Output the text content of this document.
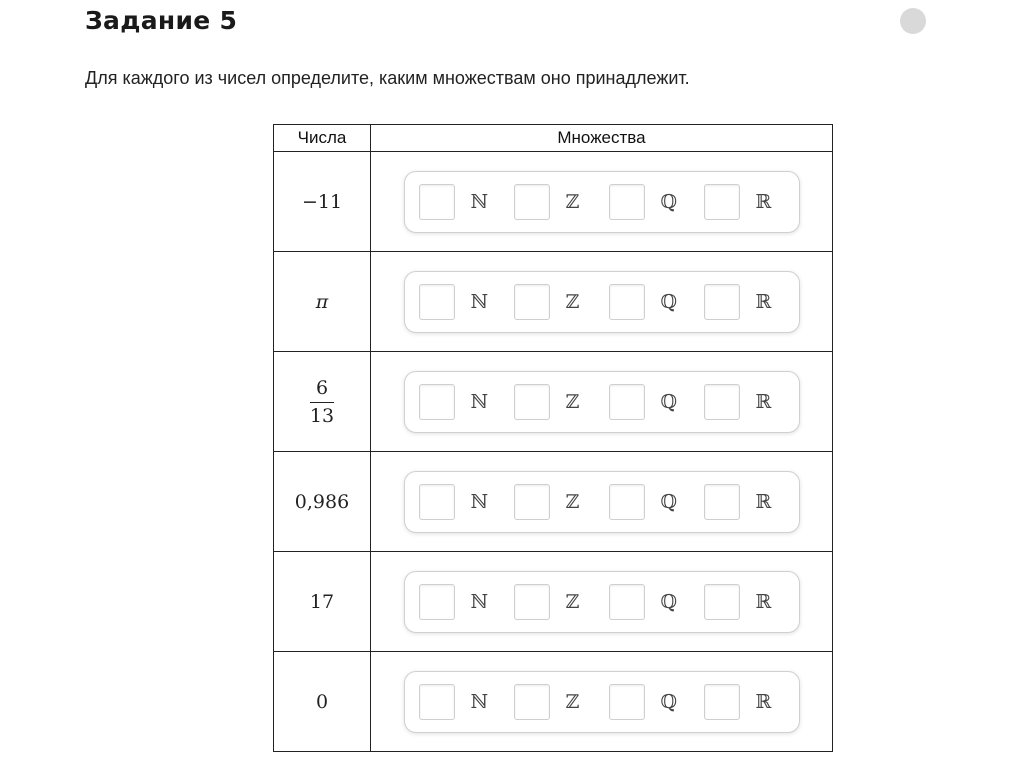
Задание 5
Для каждого из чисел определите, каким множествам оно принадлежит.
Числа	Множества
−11	ℕ ℤ ℚ ℝ

π	ℕ ℤ ℚ ℝ

$\frac{6}{13}$	ℕ ℤ ℚ ℝ

0,986	ℕ ℤ ℚ ℝ

17	ℕ ℤ ℚ ℝ

0	ℕ ℤ ℚ ℝ
